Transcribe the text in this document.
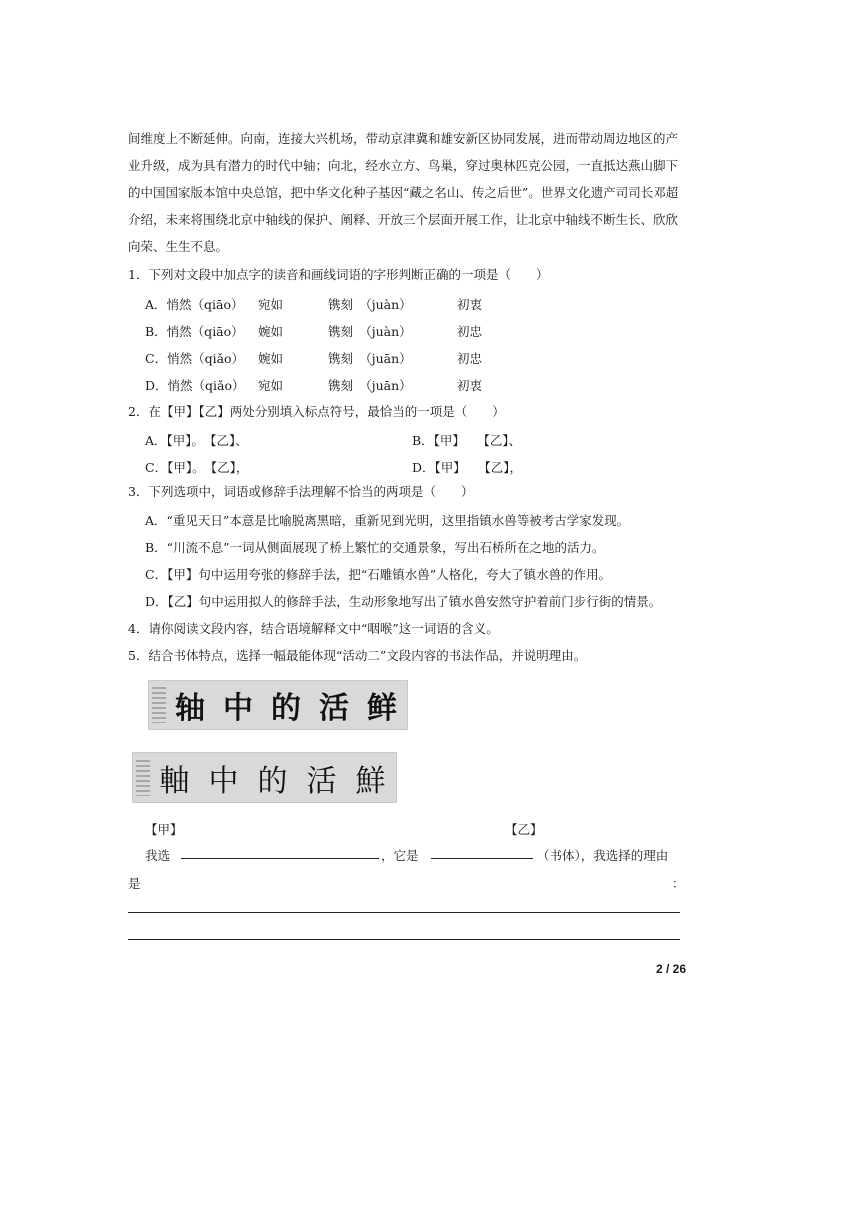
间维度上不断延伸。向南，连接大兴机场，带动京津冀和雄安新区协同发展，进而带动周边地区的产
业升级，成为具有潜力的时代中轴；向北，经水立方、鸟巢，穿过奥林匹克公园，一直抵达燕山脚下
的中国国家版本馆中央总馆，把中华文化种子基因“藏之名山、传之后世”。世界文化遗产司司长邓超
介绍，未来将围绕北京中轴线的保护、阐释、开放三个层面开展工作，让北京中轴线不断生长、欣欣
向荣、生生不息。
1．下列对文段中加点字的读音和画线词语的字形判断正确的一项是（　　）
A．悄然（qiāo） 宛如	镌刻　（juàn）	初衷
B．悄然（qiāo） 婉如	镌刻　（juàn）	初忠
C．悄然（qiǎo） 婉如	镌刻　（juān）	初忠
D．悄然（qiǎo） 宛如	镌刻　（juān）	初衷
2．在【甲】【乙】两处分别填入标点符号，最恰当的一项是（　　）
A．【甲】。　【乙】、	B．【甲】　　【乙】、
C．【甲】。　【乙】，	D．【甲】　　【乙】，
3．下列选项中，词语或修辞手法理解不恰当的两项是（　　）
A．“重见天日”本意是比喻脱离黑暗，重新见到光明，这里指镇水兽等被考古学家发现。
B．“川流不息”一词从侧面展现了桥上繁忙的交通景象，写出石桥所在之地的活力。
C．【甲】句中运用夸张的修辞手法，把“石雕镇水兽”人格化，夸大了镇水兽的作用。
D．【乙】句中运用拟人的修辞手法，生动形象地写出了镇水兽安然守护着前门步行街的情景。
4．请你阅读文段内容，结合语境解释文中“咽喉”这一词语的含义。
5．结合书体特点，选择一幅最能体现“活动二”文段内容的书法作品，并说明理由。
轴 中 的 活 鲜
軸 中 的 活 鮮
【甲】	【乙】
我选	，它是	（书体），我选择的理由
是	：
2 / 26
